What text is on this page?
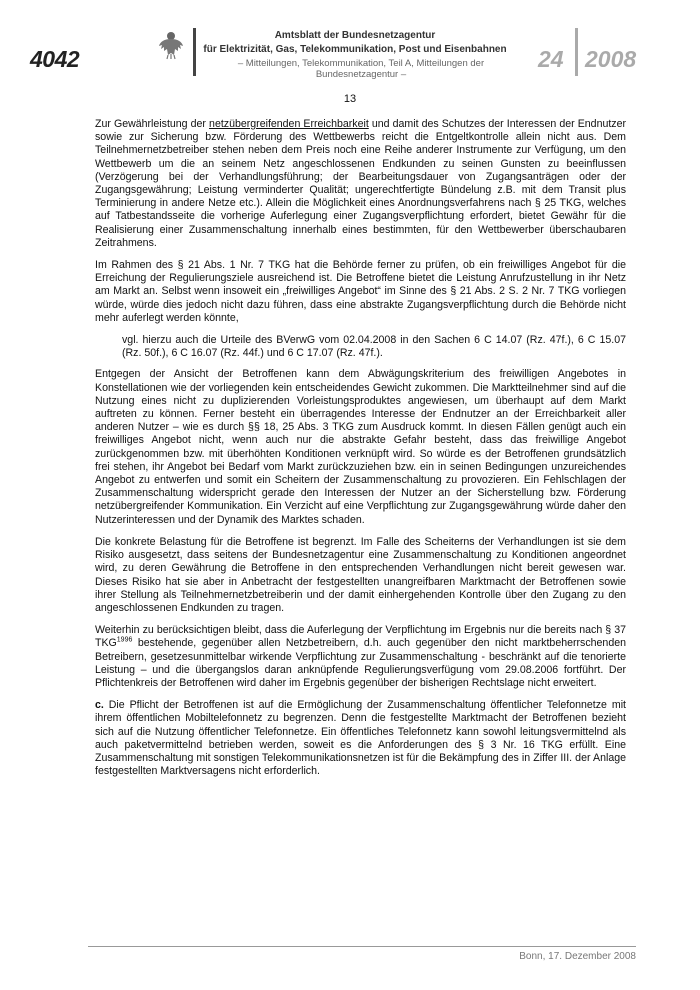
4042
Amtsblatt der Bundesnetzagentur
für Elektrizität, Gas, Telekommunikation, Post und Eisenbahnen
– Mitteilungen, Telekommunikation, Teil A, Mitteilungen der Bundesnetzagentur –
24 2008
13

Zur Gewährleistung der netzübergreifenden Erreichbarkeit und damit des Schutzes der Interessen der Endnutzer sowie zur Sicherung bzw. Förderung des Wettbewerbs reicht die Entgeltkontrolle allein nicht aus. Dem Teilnehmernetzbetreiber stehen neben dem Preis noch eine Reihe anderer Instrumente zur Verfügung, um den Wettbewerb um die an seinem Netz angeschlossenen Endkunden zu seinen Gunsten zu beeinflussen (Verzögerung bei der Verhandlungsführung; der Bearbeitungsdauer von Zugangsanträgen oder der Zugangsgewährung; Leistung verminderter Qualität; ungerechtfertigte Bündelung z.B. mit dem Transit plus Terminierung in andere Netze etc.). Allein die Möglichkeit eines Anordnungsverfahrens nach § 25 TKG, welches auf Tatbestandsseite die vorherige Auferlegung einer Zugangsverpflichtung erfordert, bietet Gewähr für die Realisierung einer Zusammenschaltung innerhalb eines bestimmten, für den Wettbewerber überschaubaren Zeitrahmens.

Im Rahmen des § 21 Abs. 1 Nr. 7 TKG hat die Behörde ferner zu prüfen, ob ein freiwilliges Angebot für die Erreichung der Regulierungsziele ausreichend ist. Die Betroffene bietet die Leistung Anrufzustellung in ihr Netz am Markt an. Selbst wenn insoweit ein „freiwilliges Angebot“ im Sinne des § 21 Abs. 2 S. 2 Nr. 7 TKG vorliegen würde, würde dies jedoch nicht dazu führen, dass eine abstrakte Zugangsverpflichtung durch die Behörde nicht mehr auferlegt werden könnte,

vgl. hierzu auch die Urteile des BVerwG vom 02.04.2008 in den Sachen 6 C 14.07 (Rz. 47f.), 6 C 15.07 (Rz. 50f.), 6 C 16.07 (Rz. 44f.) und 6 C 17.07 (Rz. 47f.).

Entgegen der Ansicht der Betroffenen kann dem Abwägungskriterium des freiwilligen Angebotes in Konstellationen wie der vorliegenden kein entscheidendes Gewicht zukommen. Die Marktteilnehmer sind auf die Nutzung eines nicht zu duplizierenden Vorleistungsproduktes angewiesen, um überhaupt auf dem Markt auftreten zu können. Ferner besteht ein überragendes Interesse der Endnutzer an der Erreichbarkeit aller anderen Nutzer – wie es durch §§ 18, 25 Abs. 3 TKG zum Ausdruck kommt. In diesen Fällen genügt auch ein freiwilliges Angebot nicht, wenn auch nur die abstrakte Gefahr besteht, dass das freiwillige Angebot zurückgenommen bzw. mit überhöhten Konditionen verknüpft wird. So würde es der Betroffenen grundsätzlich frei stehen, ihr Angebot bei Bedarf vom Markt zurückzuziehen bzw. ein in seinen Bedingungen unzureichendes Angebot zu entwerfen und somit ein Scheitern der Zusammenschaltung zu provozieren. Ein Fehlschlagen der Zusammenschaltung widerspricht gerade den Interessen der Nutzer an der Sicherstellung bzw. Förderung netzübergreifender Kommunikation. Ein Verzicht auf eine Verpflichtung zur Zugangsgewährung würde daher den Nutzerinteressen und der Dynamik des Marktes schaden.

Die konkrete Belastung für die Betroffene ist begrenzt. Im Falle des Scheiterns der Verhandlungen ist sie dem Risiko ausgesetzt, dass seitens der Bundesnetzagentur eine Zusammenschaltung zu Konditionen angeordnet wird, zu deren Gewährung die Betroffene in den entsprechenden Verhandlungen nicht bereit gewesen war. Dieses Risiko hat sie aber in Anbetracht der festgestellten unangreifbaren Marktmacht der Betroffenen sowie ihrer Stellung als Teilnehmernetzbetreiberin und der damit einhergehenden Kontrolle über den Zugang zu den angeschlossenen Endkunden zu tragen.

Weiterhin zu berücksichtigen bleibt, dass die Auferlegung der Verpflichtung im Ergebnis nur die bereits nach § 37 $TKG^{1996}$ bestehende, gegenüber allen Netzbetreibern, d.h. auch gegenüber den nicht marktbeherrschenden Betreibern, gesetzesunmittelbar wirkende Verpflichtung zur Zusammenschaltung - beschränkt auf die tenorierte Leistung – und die übergangslos daran anknüpfende Regulierungsverfügung vom 29.08.2006 fortführt. Der Pflichtenkreis der Betroffenen wird daher im Ergebnis gegenüber der bisherigen Rechtslage nicht erweitert.

c. Die Pflicht der Betroffenen ist auf die Ermöglichung der Zusammenschaltung öffentlicher Telefonnetze mit ihrem öffentlichen Mobiltelefonnetz zu begrenzen. Denn die festgestellte Marktmacht der Betroffenen bezieht sich auf die Nutzung öffentlicher Telefonnetze. Ein öffentliches Telefonnetz kann sowohl leitungsvermittelnd als auch paketvermittelnd betrieben werden, soweit es die Anforderungen des § 3 Nr. 16 TKG erfüllt. Eine Zusammenschaltung mit sonstigen Telekommunikationsnetzen ist für die Bekämpfung des in Ziffer III. der Anlage festgestellten Marktversagens nicht erforderlich.

Bonn, 17. Dezember 2008
